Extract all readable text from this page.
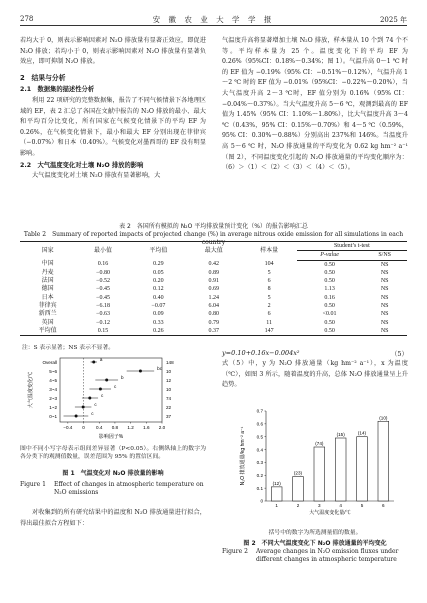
278	安 徽 农 业 大 学 学 报	2025 年

若均大于 0，则表示影响因素对 N₂O 排放量有显著正效应，即促进 N₂O 排放；若均小于 0，则表示影响因素对 N₂O 排放量有显著负效应，即可抑制 N₂O 排放。

2　结果与分析

2.1　数据集的描述性分析

利用 22 项研究的完整数据集，报告了不同气候情景下各地理区域的 EF，表 2 汇总了各国在文献中报告的 N₂O 排放的最小、最大和平均百分比变化，所有国家在气候变化情景下的平均 EF 为 0.26%，在气候变化情景下，最小和最大 EF 分别出现在菲律宾（−0.07%）和日本（0.40%）。气候变化对墨西哥的 EF 没有明显影响。

2.2　大气温度变化对土壤 N₂O 排放的影响

大气温度变化对土壤 N₂O 排放有显著影响，大

气温度升高将显著增加土壤 N₂O 排放，样本量从 10 个到 74 个不等。平均样本量为 25 个。温度变化下的平均 EF 为 0.26%（95%CI：0.18%～0.34%；图 1）。气温升高 0～1 ℃ 时的 EF 值为 −0.19%（95% CI：−0.51%～0.12%），气温升高 1～2 ℃ 时的 EF 值为 −0.01%（95%CI：−0.22%～0.20%），当大气温度升高 2～3 ℃时，EF 值分别为 0.16%（95% CI：−0.04%～0.37%）。当大气温度升高 5～6 ℃，观测到最高的 EF 值为 1.45%（95% CI：1.10%～1.80%），比大气温度升高 3～4 ℃（0.43%，95% CI：0.15%～0.70%）和 4～5 ℃（0.59%，95% CI：0.30%～0.88%）分别高出 237%和 146%。当温度升高 5～6 ℃ 时，N₂O 排放通量的平均变化为 0.62 kg hm⁻² a⁻¹（图 2），不同温度变化引起的 N₂O 排放通量的平均变化顺序为：（6）＞（1）＜（2）＜（3）＜（4）＜（5）。

表 2　各国所有模拟的 N₂O 平均排放量预计变化（%）的报告影响汇总
Table 2　Summary of reported impacts of projected change (%) in average nitrous oxide emission for all simulations in each country
国家	最小值	平均值	最大值	样本量	Student’s t-test	
					P-value	S/NS
中国	0.16	0.29	0.42	104	0.50	NS
丹麦	−0.80	0.05	0.89	5	0.50	NS
法国	−0.52	0.20	0.91	6	0.50	NS
德国	−0.45	0.12	0.69	8	1.13	NS
日本	−0.45	0.40	1.24	5	0.16	NS
菲律宾	−6.18	−0.07	6.04	2	0.50	NS
新西兰	−0.63	0.09	0.80	6	<0.01	NS
英国	−0.12	0.33	0.79	11	0.50	NS
平均值	0.15	0.26	0.37	147	0.50	NS
注：S 表示显著；NS 表示不显著。
0~1
c
37
1~2
c
22
2~3
c
74
3~4
c
10
4~5
b
12
5~6
bc
10
Overall
a
148
−0.4 0 0.4 0.8 1.2 1.6 2.0
影响因子%
大气温度变化/℃
图中不同小写字母表示组间差异显著（P<0.05）。右侧纵轴上的数字为各分类下的观测值数量，误差范围为 95% 的置信区间。
图 1　气温变化对 N₂O 排放量的影响
Figure 1 Effect of changes in atmospheric temperature on N₂O emissions

对收集到的所有研究结果中的温度和 N₂O 排放通量进行拟合，得出最佳拟合方程如下：

y=0.10+0.16x−0.004x²	（5）
式（5）中，y 为 N₂O 排放通量（kg hm⁻² a⁻¹），x 为温度（℃），如图 3 所示，随着温度的升高，总体 N₂O 排放通量呈上升趋势。
0
0.1
0.2
0.3
0.4
0.5
0.6
0.7
(12)
1
(23)
2
(74)
3
(15)
4
(14)
5
(10)
6
大气温度变化量/℃
N₂O 排放通量/kg hm⁻² a⁻¹
括号中的数字为所选测量值的数量。
图 2　不同大气温度变化下 N₂O 排放通量的平均变化
Figure 2 Average changes in N₂O emission fluxes under different changes in atmospheric temperature
